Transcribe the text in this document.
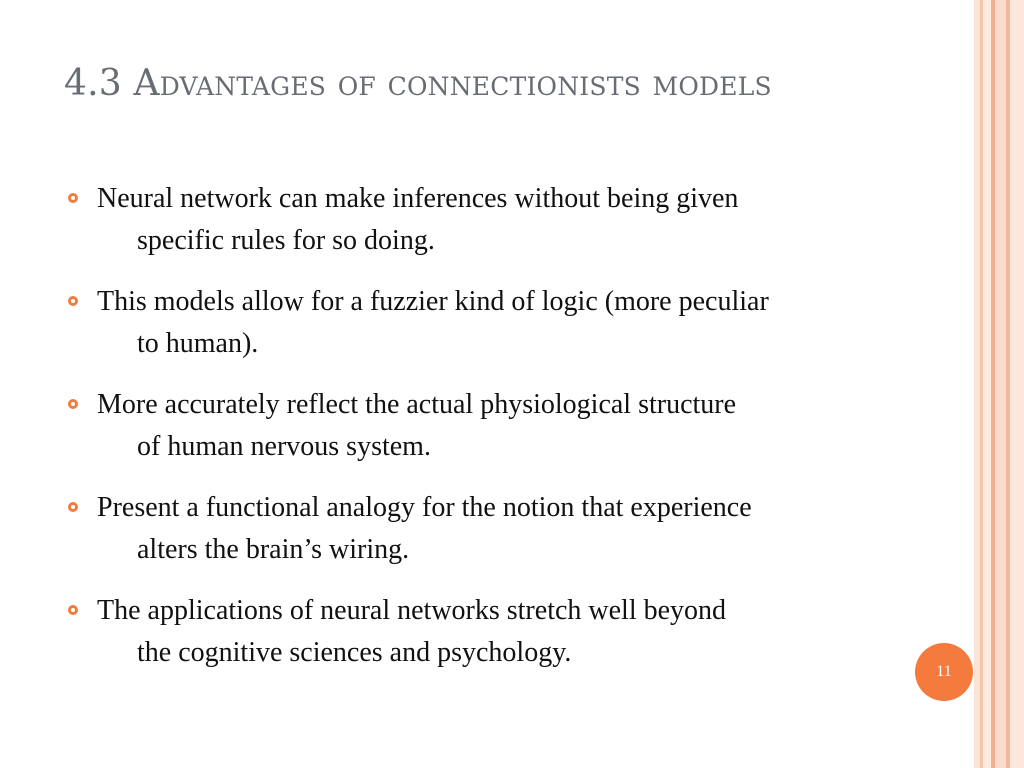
4.3 Advantages of connectionists models
Neural network can make inferences without being given
specific rules for so doing.
This models allow for a fuzzier kind of logic (more peculiar
to human).
More accurately reflect the actual physiological structure
of human nervous system.
Present a functional analogy for the notion that experience
alters the brain’s wiring.
The applications of neural networks stretch well beyond
the cognitive sciences and psychology.
11
